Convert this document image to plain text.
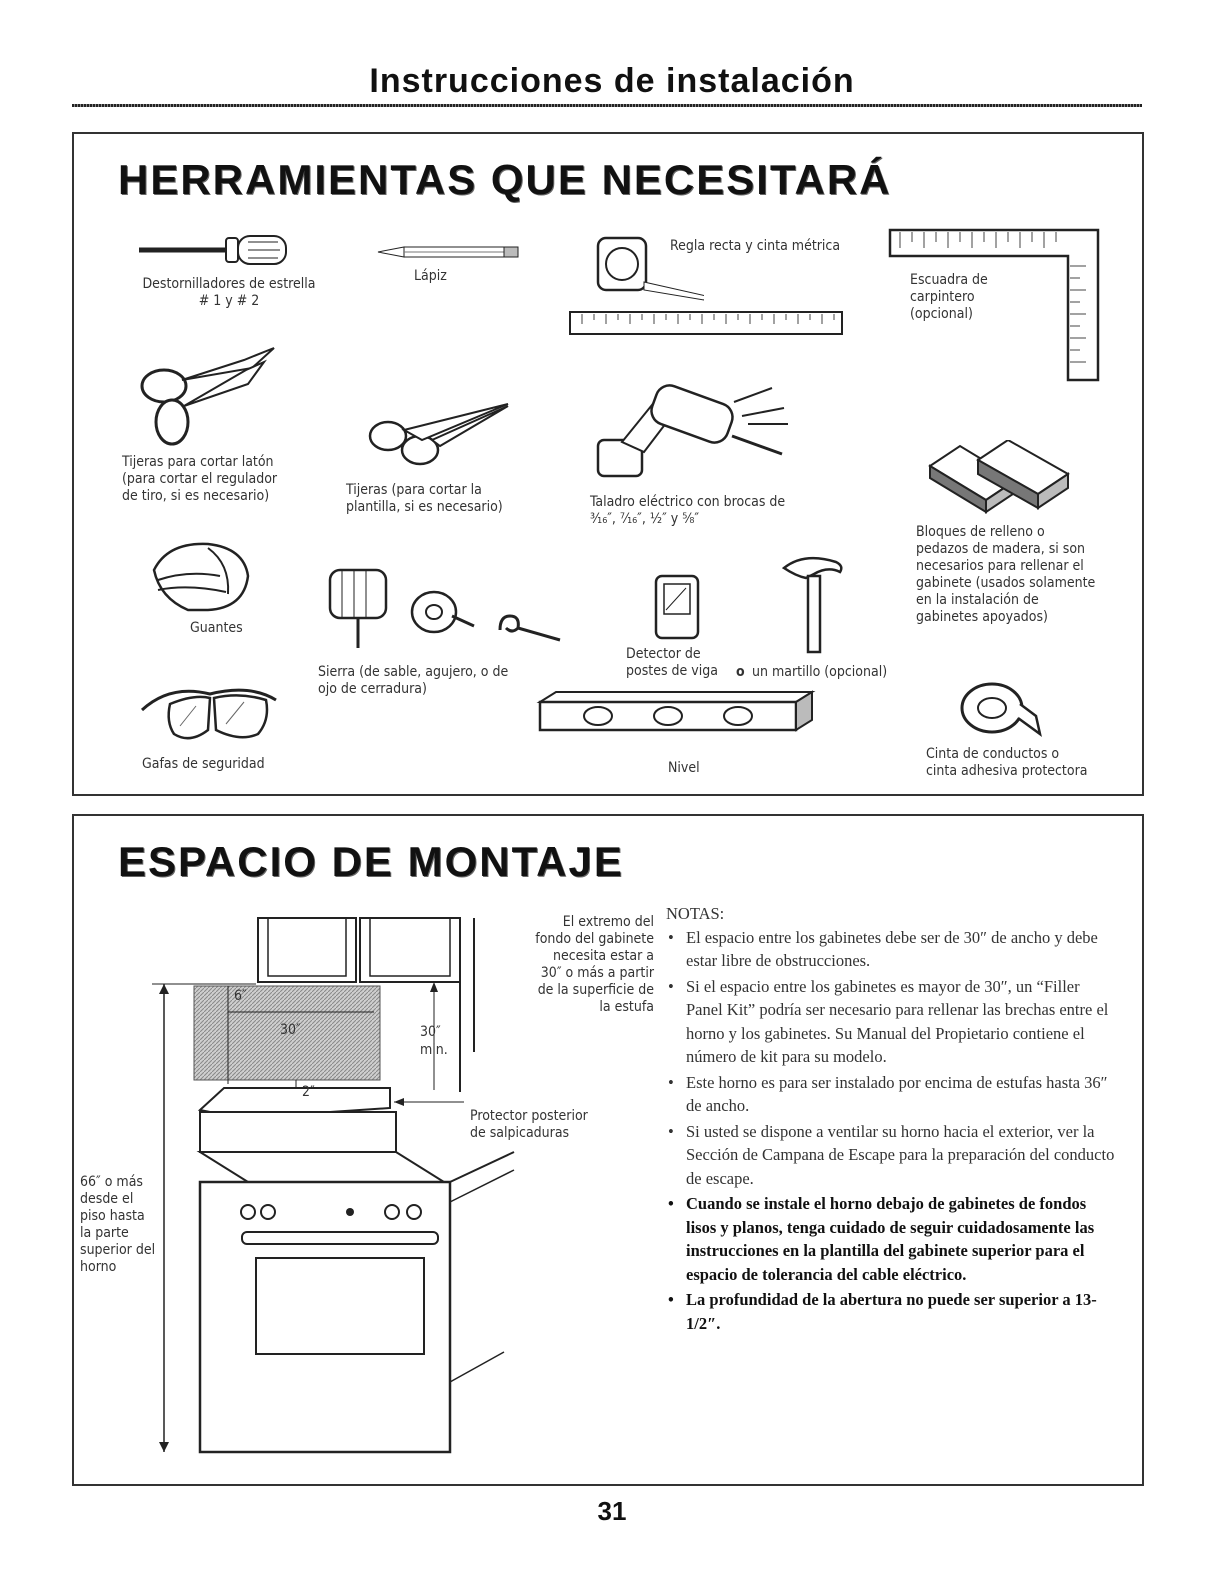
Instrucciones de instalación
HERRAMIENTAS QUE NECESITARÁ
Destornilladores de estrella
# 1 y # 2
Lápiz
Regla recta y cinta métrica
Escuadra de
carpintero
(opcional)
Tijeras para cortar latón
(para cortar el regulador
de tiro, si es necesario)	Tijeras (para cortar la
plantilla, si es necesario)	Taladro eléctrico con brocas de
³⁄₁₆″, ⁷⁄₁₆″, ½″ y ⁵⁄₈″
Bloques de relleno o
pedazos de madera, si son
necesarios para rellenar el
gabinete (usados solamente
en la instalación de
gabinetes apoyados)
Guantes
Sierra (de sable, agujero, o de
ojo de cerradura)
Detector de
postes de viga	o un martillo (opcional)
Gafas de seguridad	Nivel
Cinta de conductos o
cinta adhesiva protectora
ESPACIO DE MONTAJE
El extremo del
fondo del gabinete
necesita estar a
30″ o más a partir
de la superficie de
la estufa
6″
30″	30″
min.
2″
Protector posterior
de salpicaduras
66″ o más
desde el
piso hasta
la parte
superior del
horno
NOTAS:
• El espacio entre los gabinetes debe ser de 30″ de ancho y debe estar libre de obstrucciones.
• Si el espacio entre los gabinetes es mayor de 30″, un “Filler Panel Kit” podría ser necesario para rellenar las brechas entre el horno y los gabinetes. Su Manual del Propietario contiene el número de kit para su modelo.
• Este horno es para ser instalado por encima de estufas hasta 36″ de ancho.
• Si usted se dispone a ventilar su horno hacia el exterior, ver la Sección de Campana de Escape para la preparación del conducto de escape.
• Cuando se instale el horno debajo de gabinetes de fondos lisos y planos, tenga cuidado de seguir cuidadosamente las instrucciones en la plantilla del gabinete superior para el espacio de tolerancia del cable eléctrico.
• La profundidad de la abertura no puede ser superior a 13-1/2″.
31
